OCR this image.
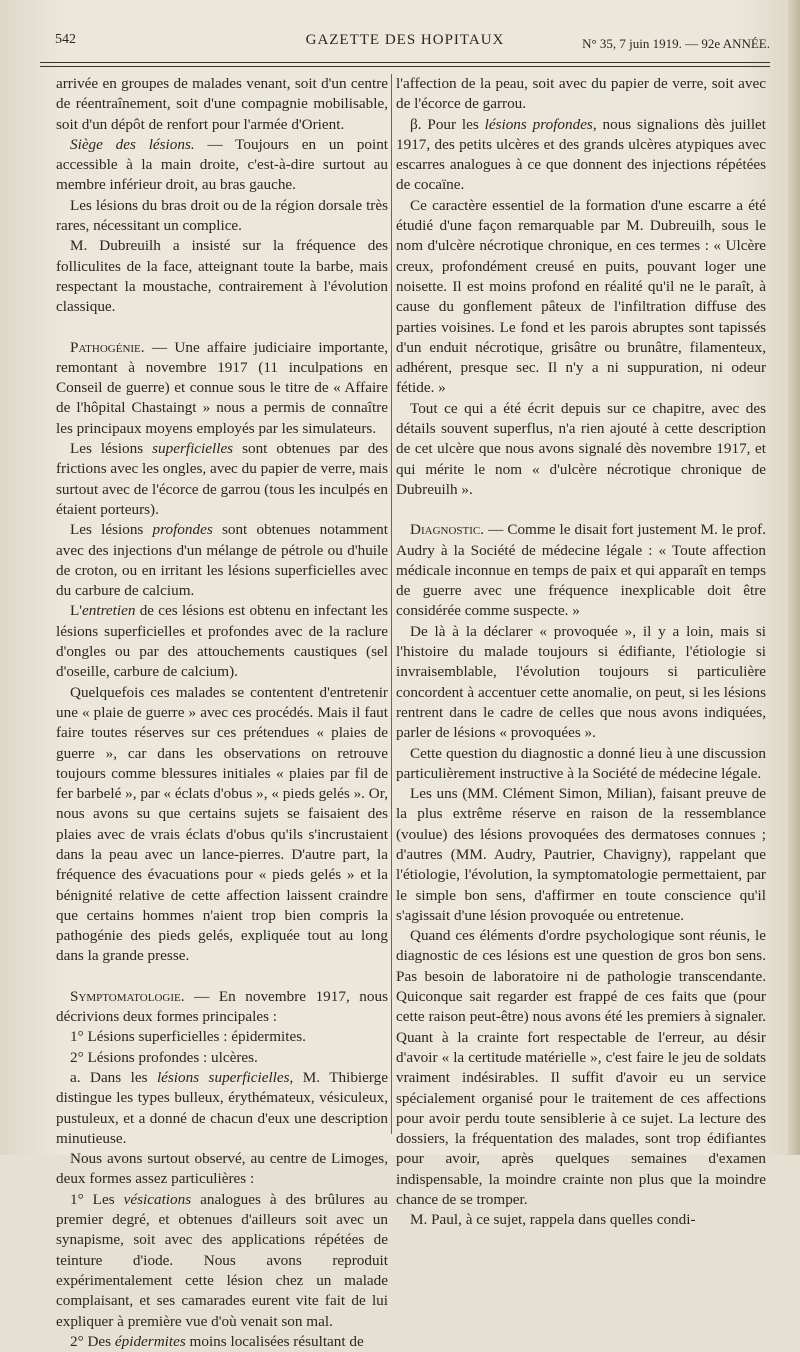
542	GAZETTE DES HOPITAUX	N° 35, 7 juin 1919. — 92e ANNÉE.

arrivée en groupes de malades venant, soit d'un centre de réentraînement, soit d'une compagnie mobilisable, soit d'un dépôt de renfort pour l'armée d'Orient.

Siège des lésions. — Toujours en un point accessible à la main droite, c'est-à-dire surtout au membre inférieur droit, au bras gauche.

Les lésions du bras droit ou de la région dorsale très rares, nécessitant un complice.

M. Dubreuilh a insisté sur la fréquence des folliculites de la face, atteignant toute la barbe, mais respectant la moustache, contrairement à l'évolution classique.

Pathogénie. — Une affaire judiciaire importante, remontant à novembre 1917 (11 inculpations en Conseil de guerre) et connue sous le titre de « Affaire de l'hôpital Chastaingt » nous a permis de connaître les principaux moyens employés par les simulateurs.

Les lésions superficielles sont obtenues par des frictions avec les ongles, avec du papier de verre, mais surtout avec de l'écorce de garrou (tous les inculpés en étaient porteurs).

Les lésions profondes sont obtenues notamment avec des injections d'un mélange de pétrole ou d'huile de croton, ou en irritant les lésions superficielles avec du carbure de calcium.

L'entretien de ces lésions est obtenu en infectant les lésions superficielles et profondes avec de la raclure d'ongles ou par des attouchements caustiques (sel d'oseille, carbure de calcium).

Quelquefois ces malades se contentent d'entretenir une « plaie de guerre » avec ces procédés. Mais il faut faire toutes réserves sur ces prétendues « plaies de guerre », car dans les observations on retrouve toujours comme blessures initiales « plaies par fil de fer barbelé », par « éclats d'obus », « pieds gelés ». Or, nous avons su que certains sujets se faisaient des plaies avec de vrais éclats d'obus qu'ils s'incrustaient dans la peau avec un lance-pierres. D'autre part, la fréquence des évacuations pour « pieds gelés » et la bénignité relative de cette affection laissent craindre que certains hommes n'aient trop bien compris la pathogénie des pieds gelés, expliquée tout au long dans la grande presse.

Symptomatologie. — En novembre 1917, nous décrivions deux formes principales :

1° Lésions superficielles : épidermites.

2° Lésions profondes : ulcères.

a. Dans les lésions superficielles, M. Thibierge distingue les types bulleux, érythémateux, vésiculeux, pustuleux, et a donné de chacun d'eux une description minutieuse.

Nous avons surtout observé, au centre de Limoges, deux formes assez particulières :

1° Les vésications analogues à des brûlures au premier degré, et obtenues d'ailleurs soit avec un synapisme, soit avec des applications répétées de teinture d'iode. Nous avons reproduit expérimentalement cette lésion chez un malade complaisant, et ses camarades eurent vite fait de lui expliquer à première vue d'où venait son mal.

2° Des épidermites moins localisées résultant de

l'affection de la peau, soit avec du papier de verre, soit avec de l'écorce de garrou.

β. Pour les lésions profondes, nous signalions dès juillet 1917, des petits ulcères et des grands ulcères atypiques avec escarres analogues à ce que donnent des injections répétées de cocaïne.

Ce caractère essentiel de la formation d'une escarre a été étudié d'une façon remarquable par M. Dubreuilh, sous le nom d'ulcère nécrotique chronique, en ces termes : « Ulcère creux, profondément creusé en puits, pouvant loger une noisette. Il est moins profond en réalité qu'il ne le paraît, à cause du gonflement pâteux de l'infiltration diffuse des parties voisines. Le fond et les parois abruptes sont tapissés d'un enduit nécrotique, grisâtre ou brunâtre, filamenteux, adhérent, presque sec. Il n'y a ni suppuration, ni odeur fétide. »

Tout ce qui a été écrit depuis sur ce chapitre, avec des détails souvent superflus, n'a rien ajouté à cette description de cet ulcère que nous avons signalé dès novembre 1917, et qui mérite le nom « d'ulcère nécrotique chronique de Dubreuilh ».

Diagnostic. — Comme le disait fort justement M. le prof. Audry à la Société de médecine légale : « Toute affection médicale inconnue en temps de paix et qui apparaît en temps de guerre avec une fréquence inexplicable doit être considérée comme suspecte. »

De là à la déclarer « provoquée », il y a loin, mais si l'histoire du malade toujours si édifiante, l'étiologie si invraisemblable, l'évolution toujours si particulière concordent à accentuer cette anomalie, on peut, si les lésions rentrent dans le cadre de celles que nous avons indiquées, parler de lésions « provoquées ».

Cette question du diagnostic a donné lieu à une discussion particulièrement instructive à la Société de médecine légale.

Les uns (MM. Clément Simon, Milian), faisant preuve de la plus extrême réserve en raison de la ressemblance (voulue) des lésions provoquées des dermatoses connues ; d'autres (MM. Audry, Pautrier, Chavigny), rappelant que l'étiologie, l'évolution, la symptomatologie permettaient, par le simple bon sens, d'affirmer en toute conscience qu'il s'agissait d'une lésion provoquée ou entretenue.

Quand ces éléments d'ordre psychologique sont réunis, le diagnostic de ces lésions est une question de gros bon sens. Pas besoin de laboratoire ni de pathologie transcendante. Quiconque sait regarder est frappé de ces faits que (pour cette raison peut-être) nous avons été les premiers à signaler. Quant à la crainte fort respectable de l'erreur, au désir d'avoir « la certitude matérielle », c'est faire le jeu de soldats vraiment indésirables. Il suffit d'avoir eu un service spécialement organisé pour le traitement de ces affections pour avoir perdu toute sensiblerie à ce sujet. La lecture des dossiers, la fréquentation des malades, sont trop édifiantes pour avoir, après quelques semaines d'examen indispensable, la moindre crainte non plus que la moindre chance de se tromper.

M. Paul, à ce sujet, rappela dans quelles condi-
